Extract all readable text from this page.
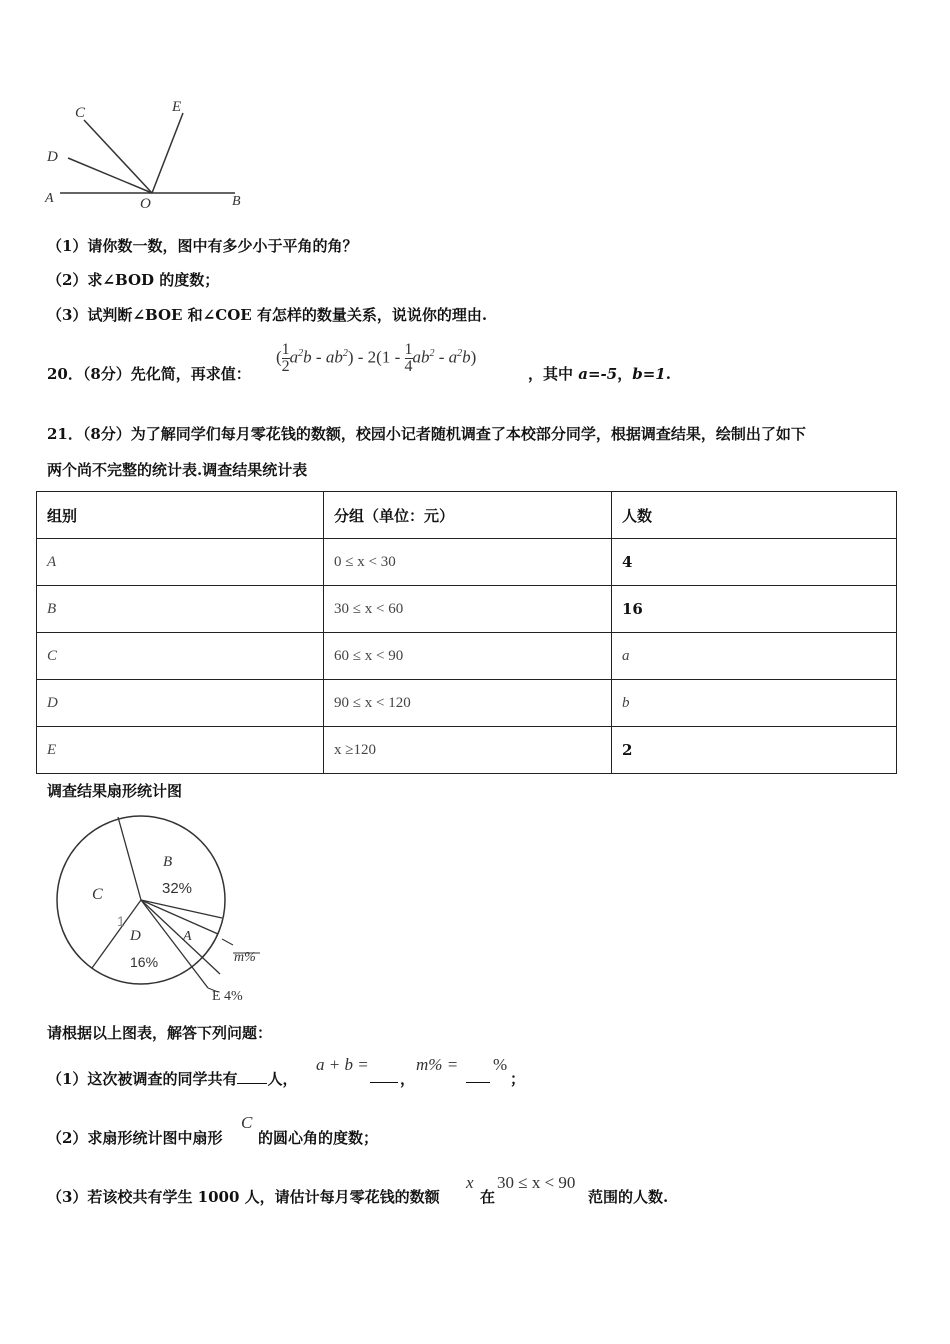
C	E
D
A	O	B
（1）请你数一数，图中有多少小于平角的角？
（2）求∠BOD 的度数；
（3）试判断∠BOE 和∠COE 有怎样的数量关系，说说你的理由.
20．（8分）先化简，再求值：
( $\frac{1}{2} a^2b - ab^2) - 2(1 - \frac{1}{4} ab^2 - a^2b)$
，其中 a=-5，b=1.
21．（8分）为了解同学们每月零花钱的数额，校园小记者随机调查了本校部分同学，根据调查结果，绘制出了如下
两个尚不完整的统计表.调查结果统计表
组别	分组（单位：元）	人数
A	0 ≤ x < 30	4
B	30 ≤ x < 60	16
C	60 ≤ x < 90	a
D	90 ≤ x < 120	b
E	x ≥120	2
调查结果扇形统计图
B
32%
C
1
D
16%
A
m%
E 4%
请根据以上图表，解答下列问题：
（1）这次被调查的同学共有 人，
a + b =
，
m% = %
；
（2）求扇形统计图中扇形
C
的圆心角的度数；
（3）若该校共有学生 1000 人，请估计每月零花钱的数额
x
在
30 ≤ x < 90
范围的人数.
